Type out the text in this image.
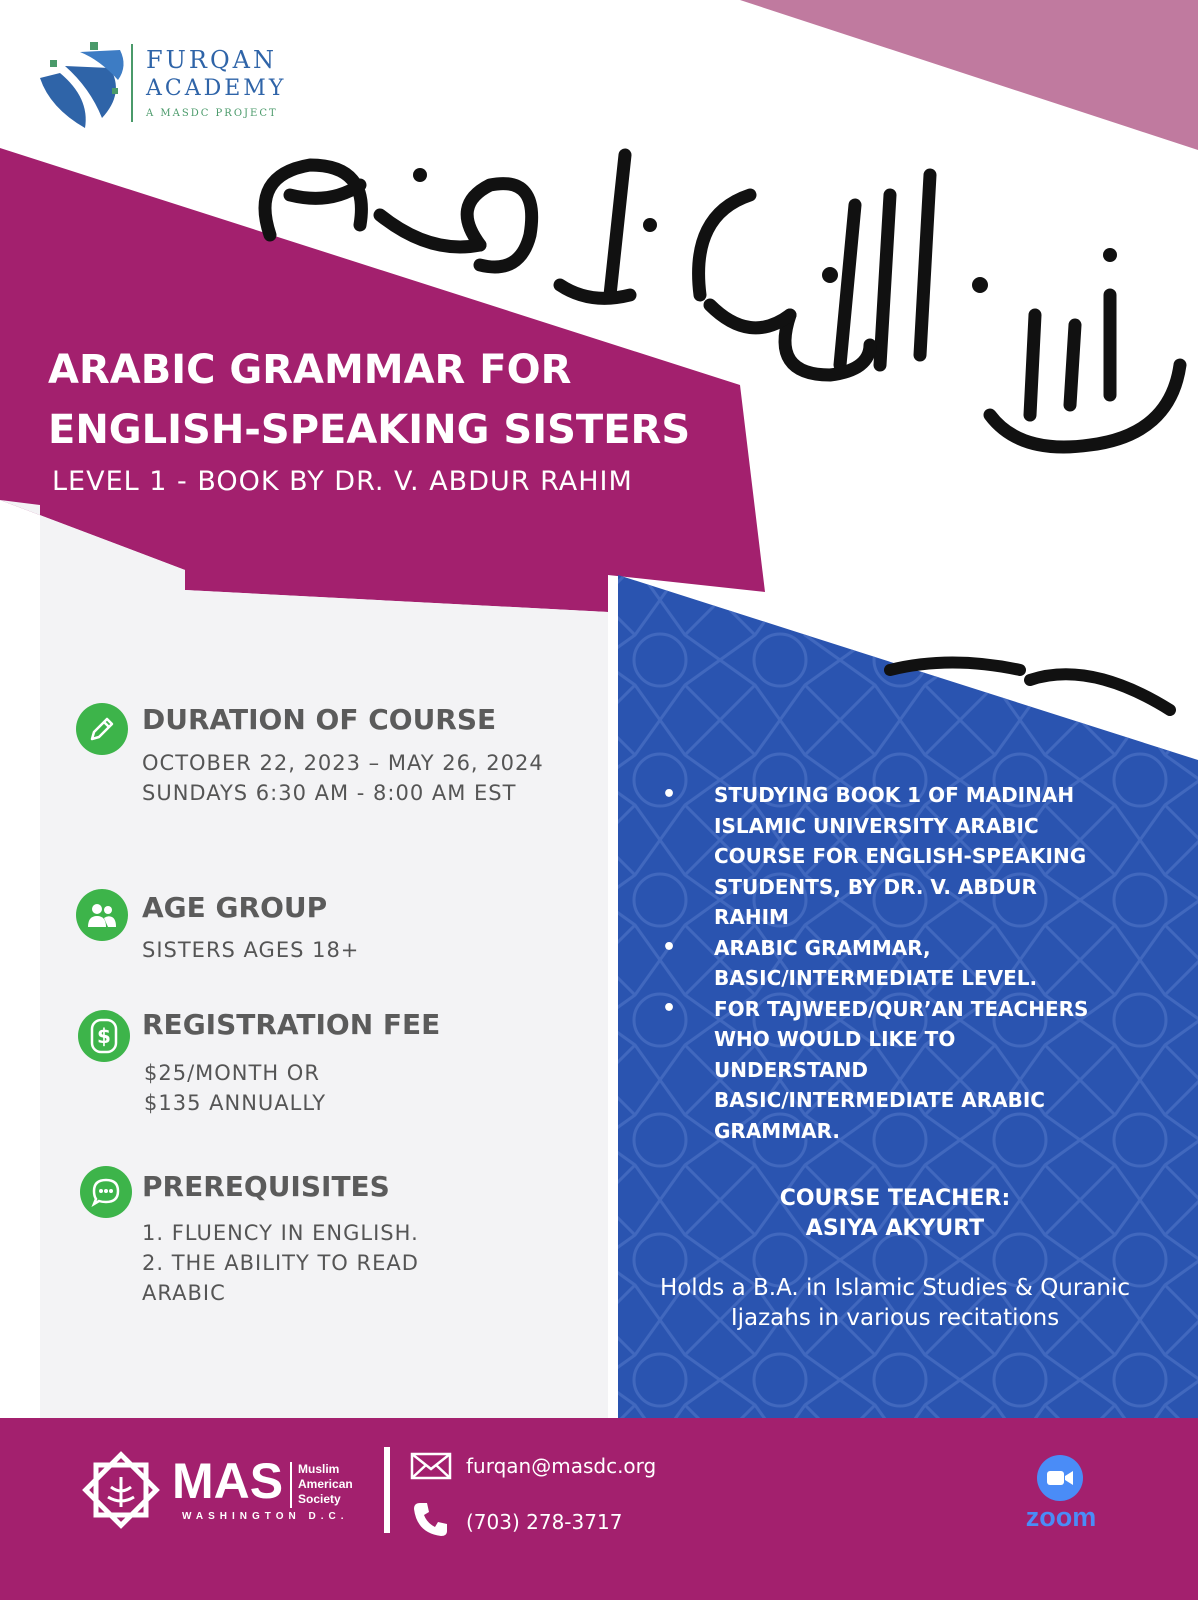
FURQAN
ACADEMY
A MASDC PROJECT
ARABIC GRAMMAR FOR ENGLISH-SPEAKING SISTERS
LEVEL 1 - BOOK BY DR. V. ABDUR RAHIM
DURATION OF COURSE
OCTOBER 22, 2023 – MAY 26, 2024
SUNDAYS 6:30 AM - 8:00 AM EST
AGE GROUP
SISTERS AGES 18+
$ REGISTRATION FEE
$25/MONTH OR
$135 ANNUALLY
PREREQUISITES
1. FLUENCY IN ENGLISH.
2. THE ABILITY TO READ
ARABIC
• STUDYING BOOK 1 OF MADINAH ISLAMIC UNIVERSITY ARABIC COURSE FOR ENGLISH-SPEAKING STUDENTS, BY DR. V. ABDUR RAHIM
• ARABIC GRAMMAR, BASIC/INTERMEDIATE LEVEL.
• FOR TAJWEED/QUR’AN TEACHERS WHO WOULD LIKE TO UNDERSTAND BASIC/INTERMEDIATE ARABIC GRAMMAR.
COURSE TEACHER:
ASIYA AKYURT
Holds a B.A. in Islamic Studies & Quranic Ijazahs in various recitations
MAS Muslim
American
Society
WASHINGTON D.C.
furqan@masdc.org
(703) 278-3717	zoom
